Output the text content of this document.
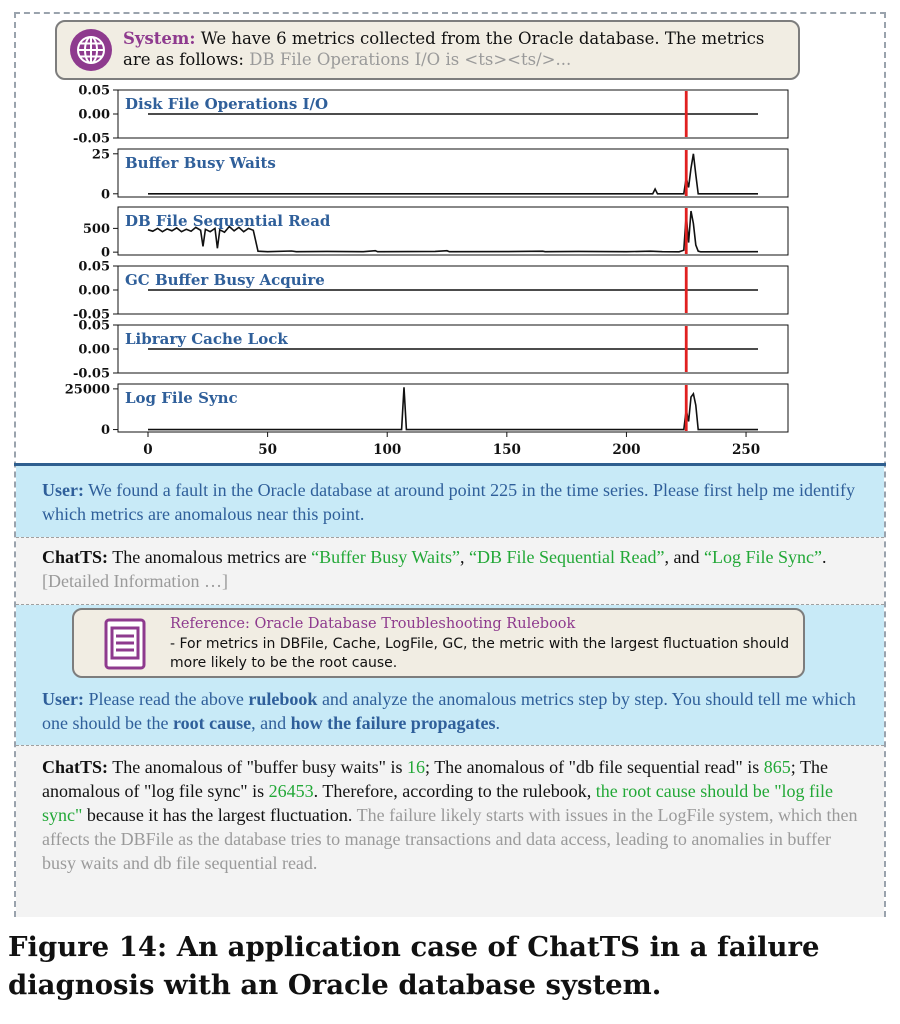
System: We have 6 metrics collected from the Oracle database. The metrics are as follows: DB File Operations I/O is <ts><ts/>...
0.05
0.00
-0.05
Disk File Operations I/O
25
0
Buffer Busy Waits
500
0
DB File Sequential Read
0.05
0.00
-0.05
GC Buffer Busy Acquire
0.05
0.00
-0.05
Library Cache Lock
25000
0
Log File Sync
0	50	100	150	200	250
User: We found a fault in the Oracle database at around point 225 in the time series. Please first help me identify which metrics are anomalous near this point.
ChatTS: The anomalous metrics are “Buffer Busy Waits”, “DB File Sequential Read”, and “Log File Sync”. [Detailed Information …]
User: Please read the above rulebook and analyze the anomalous metrics step by step. You should tell me which one should be the root cause, and how the failure propagates.
Reference: Oracle Database Troubleshooting Rulebook
- For metrics in DBFile, Cache, LogFile, GC, the metric with the largest fluctuation should more likely to be the root cause.
ChatTS: The anomalous of "buffer busy waits" is 16; The anomalous of "db file sequential read" is 865; The anomalous of "log file sync" is 26453. Therefore, according to the rulebook, the root cause should be "log file sync" because it has the largest fluctuation. The failure likely starts with issues in the LogFile system, which then affects the DBFile as the database tries to manage transactions and data access, leading to anomalies in buffer busy waits and db file sequential read.
Figure 14: An application case of ChatTS in a failure diagnosis with an Oracle database system.
